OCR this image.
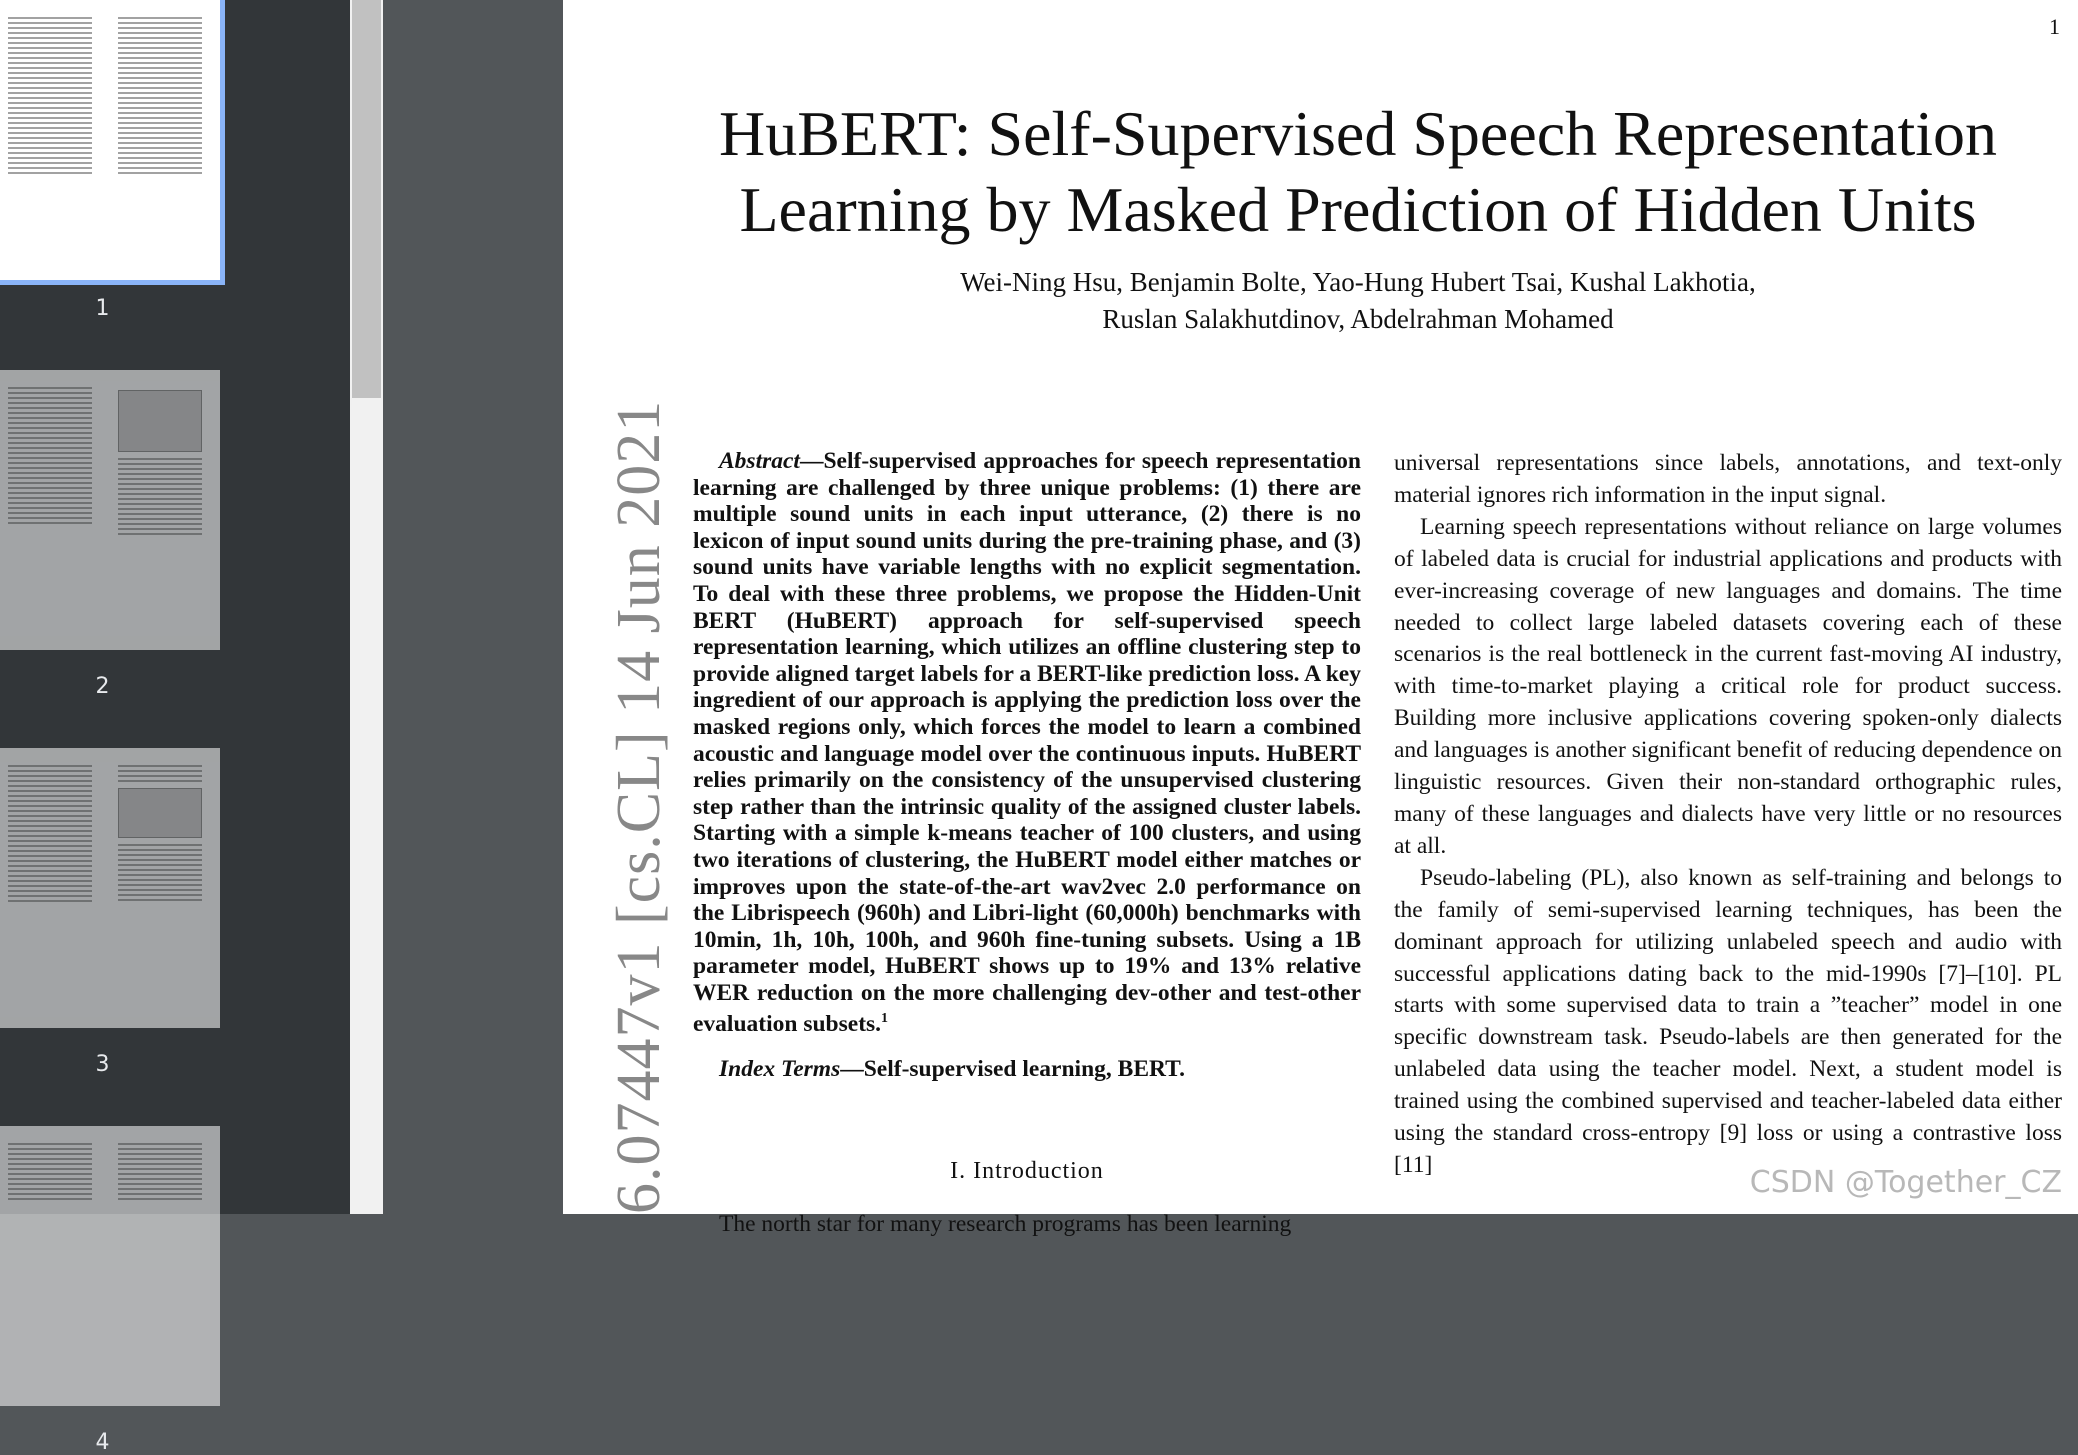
1
2
3
4
1
HuBERT: Self-Supervised Speech Representation
Learning by Masked Prediction of Hidden Units
Wei-Ning Hsu, Benjamin Bolte, Yao-Hung Hubert Tsai, Kushal Lakhotia,
Ruslan Salakhutdinov, Abdelrahman Mohamed
6.07447v1 [cs.CL] 14 Jun 2021	Abstract—Self-supervised approaches for speech representation learning are challenged by three unique problems: (1) there are multiple sound units in each input utterance, (2) there is no lexicon of input sound units during the pre-training phase, and (3) sound units have variable lengths with no explicit segmentation. To deal with these three problems, we propose the Hidden-Unit BERT (HuBERT) approach for self-supervised speech representation learning, which utilizes an offline clustering step to provide aligned target labels for a BERT-like prediction loss. A key ingredient of our approach is applying the prediction loss over the masked regions only, which forces the model to learn a combined acoustic and language model over the continuous inputs. HuBERT relies primarily on the consistency of the unsupervised clustering step rather than the intrinsic quality of the assigned cluster labels. Starting with a simple k-means teacher of 100 clusters, and using two iterations of clustering, the HuBERT model either matches or improves upon the state-of-the-art wav2vec 2.0 performance on the Librispeech (960h) and Libri-light (60,000h) benchmarks with 10min, 1h, 10h, 100h, and 960h fine-tuning subsets. Using a 1B parameter model, HuBERT shows up to 19% and 13% relative WER reduction on the more challenging dev-other and test-other evaluation subsets.$^1$

Index Terms—Self-supervised learning, BERT.

I. Introduction
The north star for many research programs has been learning

universal representations since labels, annotations, and text-only material ignores rich information in the input signal.

Learning speech representations without reliance on large volumes of labeled data is crucial for industrial applications and products with ever-increasing coverage of new languages and domains. The time needed to collect large labeled datasets covering each of these scenarios is the real bottleneck in the current fast-moving AI industry, with time-to-market playing a critical role for product success. Building more inclusive applications covering spoken-only dialects and languages is another significant benefit of reducing dependence on linguistic resources. Given their non-standard orthographic rules, many of these languages and dialects have very little or no resources at all.

Pseudo-labeling (PL), also known as self-training and belongs to the family of semi-supervised learning techniques, has been the dominant approach for utilizing unlabeled speech and audio with successful applications dating back to the mid-1990s [7]–[10]. PL starts with some supervised data to train a ”teacher” model in one specific downstream task. Pseudo-labels are then generated for the unlabeled data using the teacher model. Next, a student model is trained using the combined supervised and teacher-labeled data either using the standard cross-entropy [9] loss or using a contrastive loss [11]

CSDN @Together_CZ
